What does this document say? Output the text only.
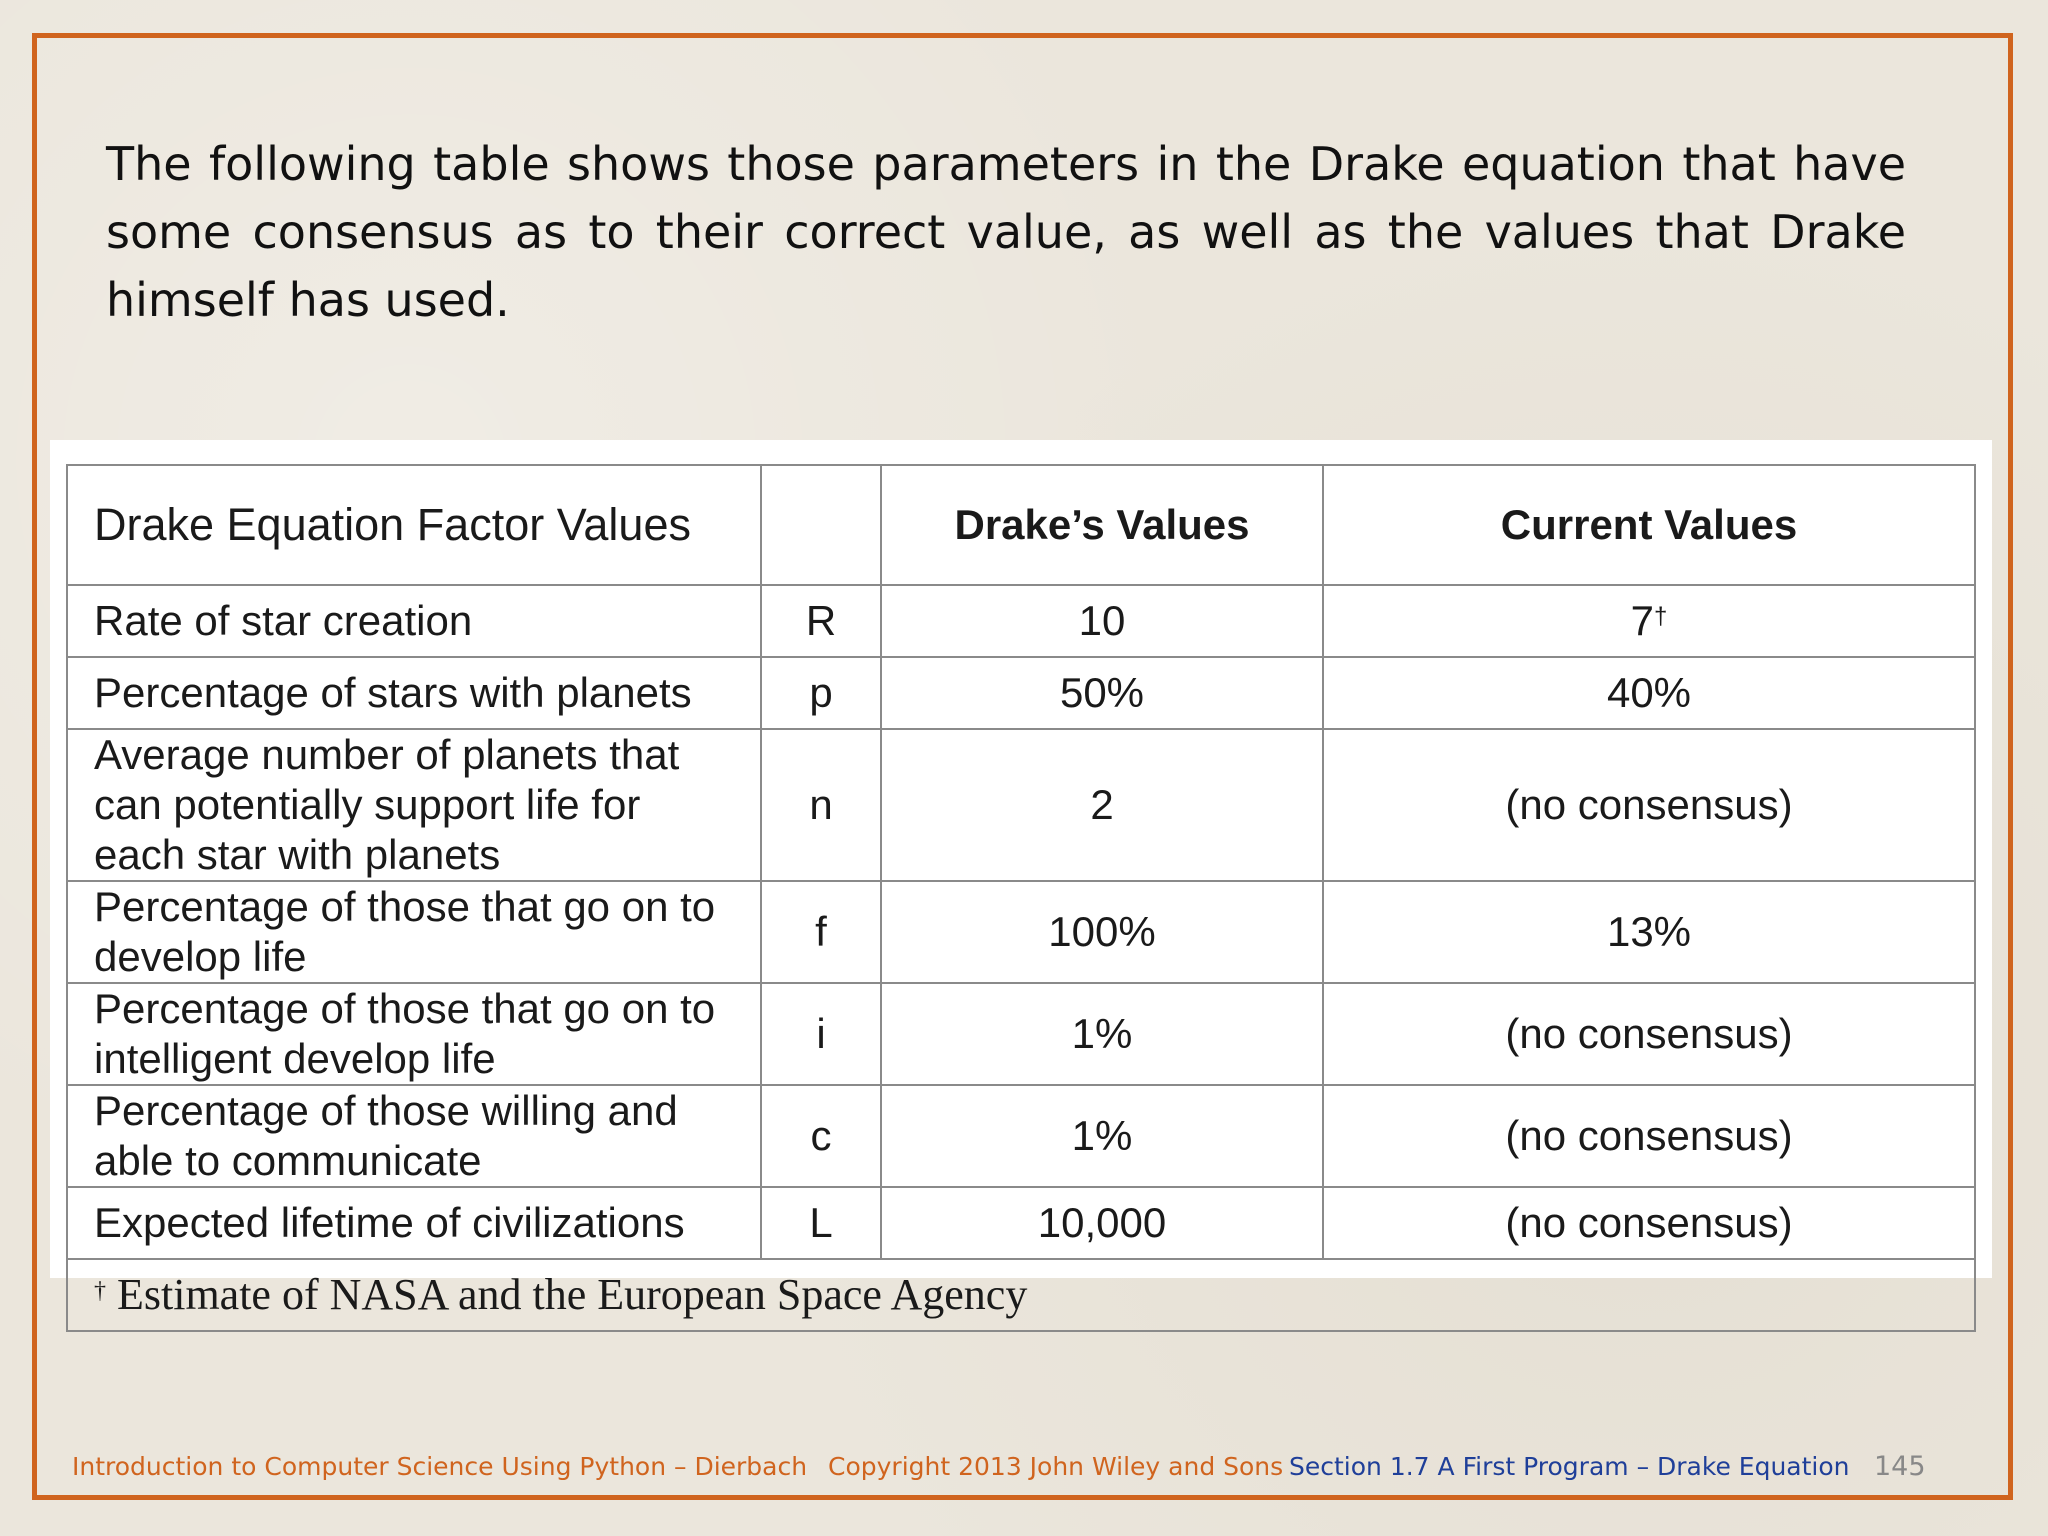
The following table shows those parameters in the Drake equation that have some consensus as to their correct value, as well as the values that Drake himself has used.

Drake Equation Factor Values		Drake’s Values	Current Values
Rate of star creation	R	10	7†
Percentage of stars with planets	p	50%	40%
Average number of planets that can potentially support life for each star with planets	n	2	(no consensus)
Percentage of those that go on to develop life	f	100%	13%
Percentage of those that go on to intelligent develop life	i	1%	(no consensus)
Percentage of those willing and able to communicate	c	1%	(no consensus)
Expected lifetime of civilizations	L	10,000	(no consensus)
† Estimate of NASA and the European Space Agency			
Introduction to Computer Science Using Python – Dierbach Copyright 2013 John Wiley and Sons Section 1.7 A First Program – Drake Equation 145
